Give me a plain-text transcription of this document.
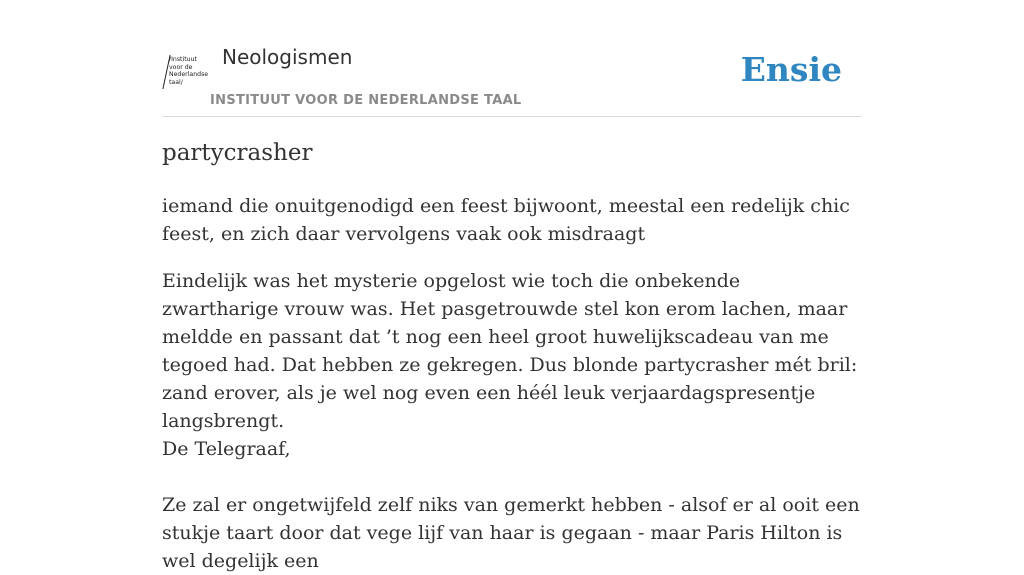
/Instituut
voor de
Nederlandse
taal/
Neologismen
INSTITUUT VOOR DE NEDERLANDSE TAAL
Ensie
partycrasher
iemand die onuitgenodigd een feest bijwoont, meestal een redelijk chic feest, en zich daar vervolgens vaak ook misdraagt

Eindelijk was het mysterie opgelost wie toch die onbekende zwartharige vrouw was. Het pasgetrouwde stel kon erom lachen, maar meldde en passant dat ’t nog een heel groot huwelijkscadeau van me tegoed had. Dat hebben ze gekregen. Dus blonde partycrasher mét bril: zand erover, als je wel nog even een héél leuk verjaardagspresentje langsbrengt.

De Telegraaf,

Ze zal er ongetwijfeld zelf niks van gemerkt hebben - alsof er al ooit een stukje taart door dat vege lijf van haar is gegaan - maar Paris Hilton is wel degelijk een
